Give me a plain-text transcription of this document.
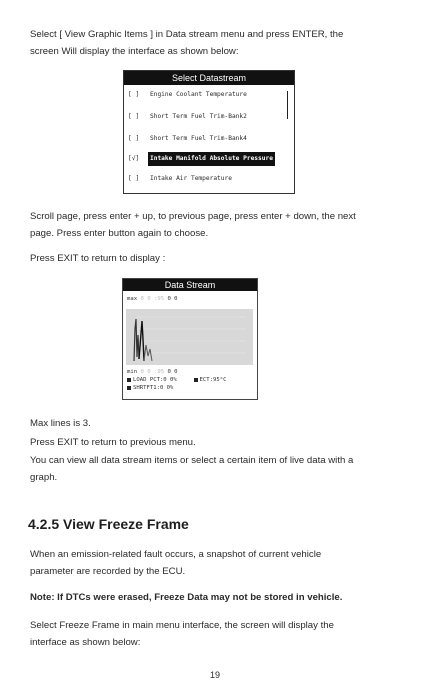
Select [ View Graphic Items ] in Data stream menu and press ENTER, the
screen Will display the interface as shown below:
Select Datastream
[ ] Engine Coolant Temperature
[ ] Short Term Fuel Trim-Bank2
[ ] Short Term Fuel Trim-Bank4
[√] Intake Manifold Absolute Pressure
[ ] Intake Air Temperature
Scroll page, press enter + up, to previous page, press enter + down, the next
page. Press enter button again to choose.
Press EXIT to return to display :
Data Stream
max 0 0 :95 0 0
min 0 0 :95 0 0
LOAD PCT:0 0%	ECT:95°C
SHRTFT1:0 0%
Max lines is 3.
Press EXIT to return to previous menu.
You can view all data stream items or select a certain item of live data with a
graph.
4.2.5 View Freeze Frame
When an emission-related fault occurs, a snapshot of current vehicle
parameter are recorded by the ECU.
Note: If DTCs were erased, Freeze Data may not be stored in vehicle.
Select Freeze Frame in main menu interface, the screen will display the
interface as shown below:
19
